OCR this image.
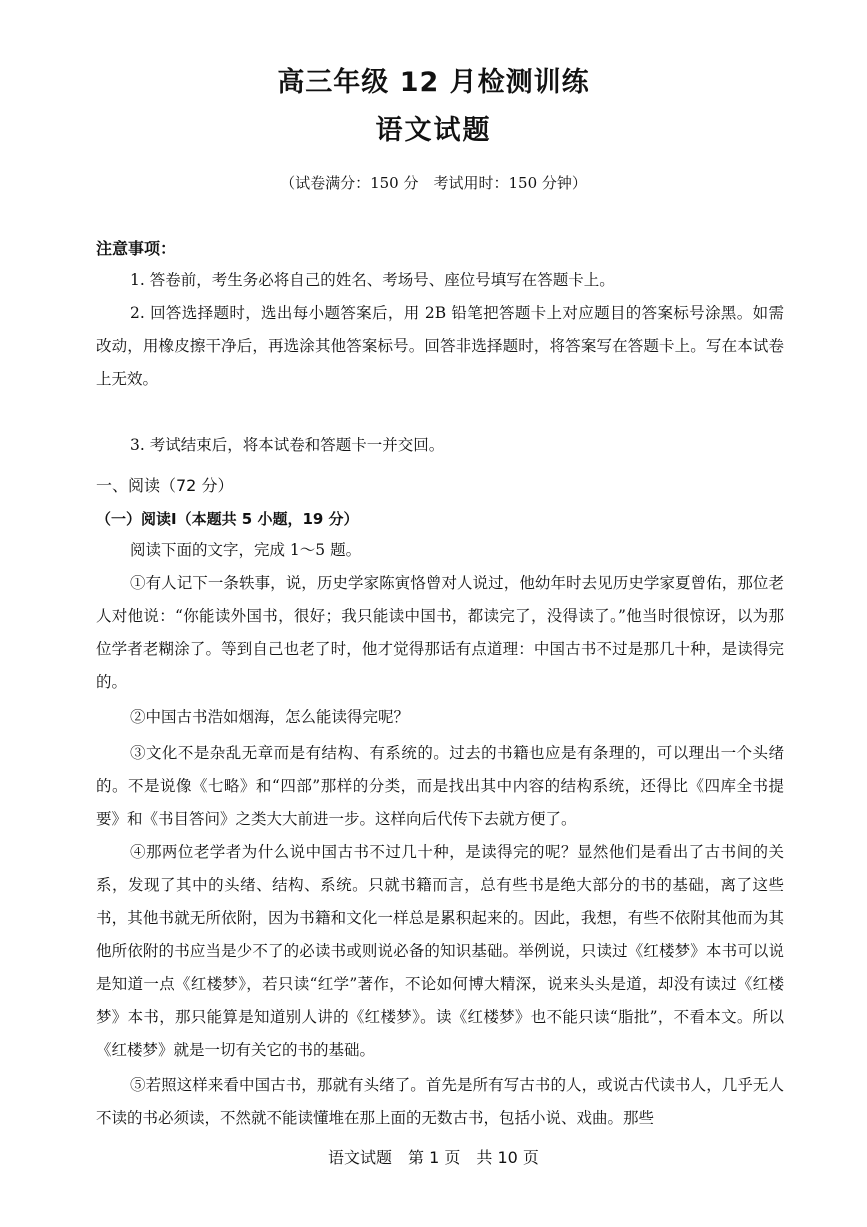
高三年级 12 月检测训练
语文试题
（试卷满分：150 分　考试用时：150 分钟）
注意事项：
1. 答卷前，考生务必将自己的姓名、考场号、座位号填写在答题卡上。
2. 回答选择题时，选出每小题答案后，用 2B 铅笔把答题卡上对应题目的答案标号涂黑。如需改动，用橡皮擦干净后，再选涂其他答案标号。回答非选择题时，将答案写在答题卡上。写在本试卷上无效。
3. 考试结束后，将本试卷和答题卡一并交回。
一、阅读（72 分）
（一）阅读Ⅰ（本题共 5 小题，19 分）
阅读下面的文字，完成 1～5 题。
①有人记下一条轶事，说，历史学家陈寅恪曾对人说过，他幼年时去见历史学家夏曾佑，那位老人对他说：“你能读外国书，很好；我只能读中国书，都读完了，没得读了。”他当时很惊讶，以为那位学者老糊涂了。等到自己也老了时，他才觉得那话有点道理：中国古书不过是那几十种，是读得完的。
②中国古书浩如烟海，怎么能读得完呢？
③文化不是杂乱无章而是有结构、有系统的。过去的书籍也应是有条理的，可以理出一个头绪的。不是说像《七略》和“四部”那样的分类，而是找出其中内容的结构系统，还得比《四库全书提要》和《书目答问》之类大大前进一步。这样向后代传下去就方便了。
④那两位老学者为什么说中国古书不过几十种，是读得完的呢？显然他们是看出了古书间的关系，发现了其中的头绪、结构、系统。只就书籍而言，总有些书是绝大部分的书的基础，离了这些书，其他书就无所依附，因为书籍和文化一样总是累积起来的。因此，我想，有些不依附其他而为其他所依附的书应当是少不了的必读书或则说必备的知识基础。举例说，只读过《红楼梦》本书可以说是知道一点《红楼梦》，若只读“红学”著作，不论如何博大精深，说来头头是道，却没有读过《红楼梦》本书，那只能算是知道别人讲的《红楼梦》。读《红楼梦》也不能只读“脂批”，不看本文。所以《红楼梦》就是一切有关它的书的基础。
⑤若照这样来看中国古书，那就有头绪了。首先是所有写古书的人，或说古代读书人，几乎无人不读的书必须读，不然就不能读懂堆在那上面的无数古书，包括小说、戏曲。那些
语文试题　第 1 页　共 10 页
